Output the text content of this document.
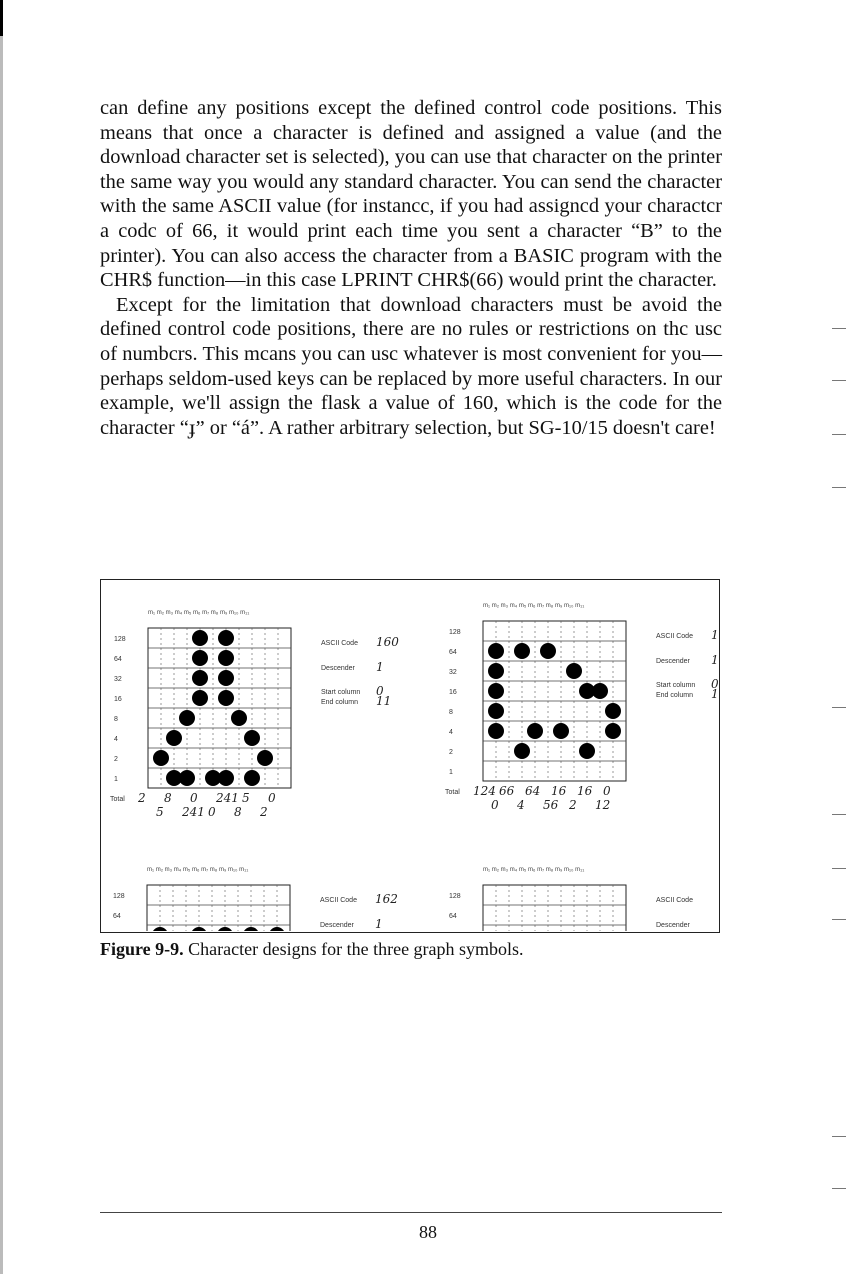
can define any positions except the defined control code positions. This means that once a character is defined and assigned a value (and the download character set is selected), you can use that character on the printer the same way you would any standard character. You can send the character with the same ASCII value (for instancc, if you had assigncd your charactcr a codc of 66, it would print each time you sent a character “B” to the printer). You can also access the character from a BASIC program with the CHR$ function—in this case LPRINT CHR$(66) would print the character.

Except for the limitation that download characters must be avoid the defined control code positions, there are no rules or restrictions on thc usc of numbcrs. This mcans you can usc whatever is most convenient for you—perhaps seldom-used keys can be replaced by more useful characters. In our example, we'll assign the flask a value of 160, which is the code for the character “ɟ” or “á”. A rather arbitrary selection, but SG-10/15 doesn't care!

m₁ m₂ m₃ m₄ m₅ m₆ m₇ m₈ m₉ m₁₀ m₁₁
128
64
32
16
8
4
2
1
Total 2 8 0 241 5 0
5 241 0 8 2
ASCII Code 160
Descender 1
Start column 0
End column 11
m₁ m₂ m₃ m₄ m₅ m₆ m₇ m₈ m₉ m₁₀ m₁₁
128
64
32
16
8
4
2
1
Total 124 66 64 16 16 0
0 4 56 2 12
ASCII Code 1
Descender 1
Start column 0
End column 1
m₁ m₂ m₃ m₄ m₅ m₆ m₇ m₈ m₉ m₁₀ m₁₁
128
64
ASCII Code 162
Descender 1
m₁ m₂ m₃ m₄ m₅ m₆ m₇ m₈ m₉ m₁₀ m₁₁
128
64
ASCII Code
Descender
Figure 9-9. Character designs for the three graph symbols.
88
